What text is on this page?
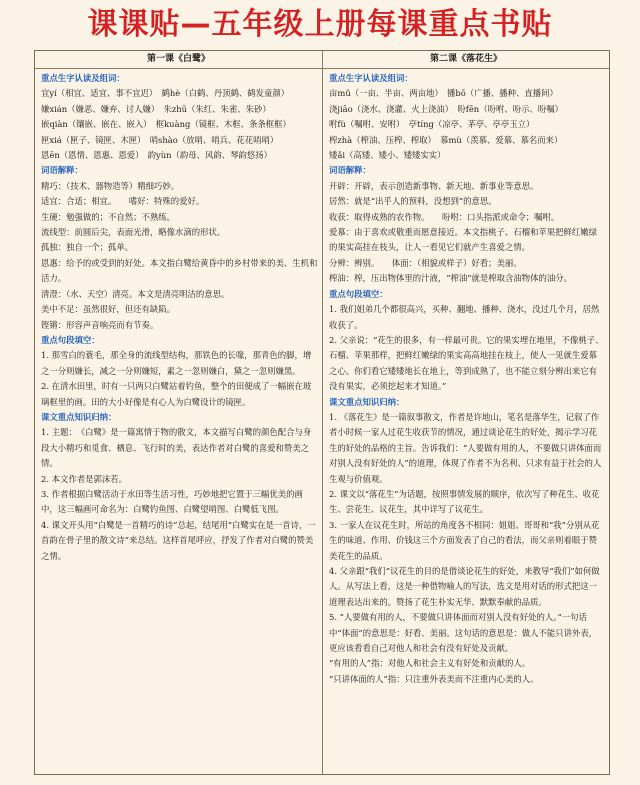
课课贴—五年级上册每课重点书贴
第一课《白鹭》	第二课《落花生》

重点生字认读及组词：

宜yí（相宜、适宜、事不宜迟）　鹤hè（白鹤、丹顶鹤、鹤发童颜）

嫌xián（嫌恶、嫌弃、讨人嫌）　朱zhū（朱红、朱雀、朱砂）

嵌qiàn（镶嵌、嵌在、嵌入）　框kuàng（镜框、木框、条条框框）

匣xiá（匣子、镜匣、木匣）　哨shào（放哨、哨兵、花花哨哨）

恩ēn（恩情、恩惠、恩爱）　韵yùn（韵母、风韵、琴韵悠扬）

词语解释：

精巧：（技术、器物造等）精细巧妙。

适宜：合适；相宜。　　嗜好：特殊的爱好。

生硬：勉强做的；不自然；不熟练。

流线型：前圆后尖，表面光滑，略像水滴的形状。

孤独：独自一个；孤单。

恩惠：给予的或受到的好处。本文指白鹭给黄昏中的乡村带来的美、生机和活力。

清澄：（水、天空）清亮。本文是清亮明洁的意思。

美中不足：虽然很好，但还有缺陷。

铿锵：形容声音响亮而有节奏。

重点句段填空：

1. 那雪白的蓑毛，那全身的流线型结构，那铁色的长喙，那青色的脚，增之一分则嫌长，减之一分则嫌短，素之一忽则嫌白，黛之一忽则嫌黑。

2. 在清水田里，时有一只两只白鹭站着钓鱼，整个的田便成了一幅嵌在玻璃框里的画。田的大小好像是有心人为白鹭设计的镜匣。

课文重点知识归纳：

1. 主题：　《白鹭》是一篇寓情于物的散文，本文描写白鹭的颜色配合与身段大小精巧和觅食、栖息、飞行时的美，表达作者对白鹭的喜爱和赞美之情。

2. 本文作者是郭沫若。

3. 作者根据白鹭活动于水田等生活习性，巧妙地把它置于三幅优美的画中，这三幅画可命名为：白鹭钓鱼图、白鹭望哨图、白鹭低飞图。

4. 课文开头用“白鹭是一首精巧的诗”总起，结尾用“白鹭实在是一首诗，一首韵在骨子里的散文诗”来总结。这样首尾呼应，抒发了作者对白鹭的赞美之情。

重点生字认读及组词：

亩mǔ（一亩、半亩、两亩地）　播bō（广播、播种、直播间）

浇jiāo（浇水、浇灌、火上浇油）　吩fēn（吩咐、吩示、吩嘱）

咐fù（嘱咐、安咐）　亭tíng（凉亭、茅亭、亭亭玉立）

榨zhà（榨油、压榨、榨取）　慕mù（羡慕、爱慕、慕名而来）

矮ǎi（高矮、矮小、矮矮实实）

词语解释：

开辟：开辟，表示创造新事物、新天地、新事业等意思。

居然：就是“出乎人的预料，没想到”的意思。

收获：取得成熟的农作物。　　吩咐：口头指派或命令；嘱咐。

爱慕：由于喜欢或敬重而愿意接近。本文指桃子、石榴和苹果把鲜红嫩绿的果实高挂在枝头，让人一看见它们就产生喜爱之情。

分辨：辨别。　　体面：（相貌或样子）好看；美丽。

榨油：榨，压出物体里的汁液，“榨油”就是榨取含油物体的油分。

重点句段填空：

1. 我们姐弟几个都很高兴，买种、翻地、播种、浇水，没过几个月，居然收获了。

2. 父亲说：“花生的很多，有一样最可贵。它的果实埋在地里，不像桃子、石榴、苹果那样，把鲜红嫩绿的果实高高地挂在枝上，使人一见就生爱慕之心。你们看它矮矮地长在地上，等到成熟了，也不能立刻分辨出来它有没有果实，必须挖起来才知道。”

课文重点知识归纳：

1. 《落花生》是一篇叙事散文，作者是许地山，笔名是落华生，记叙了作者小时候一家人过花生收获节的情况，通过谈论花生的好处，揭示学习花生的好处的品格的主旨。告诉我们：“人要做有用的人，不要做只讲体面而对别人没有好处的人”的道理，体现了作者不为名利、只求有益于社会的人生观与价值观。

2. 课文以“落花生”为话题，按照事情发展的顺序，依次写了种花生、收花生、尝花生、议花生，其中详写了议花生。

3. 一家人在议花生时，所站的角度各不相同：姐姐、哥哥和“我”分别从花生的味道、作用、价钱这三个方面发表了自己的看法，而父亲则着眼于赞美花生的品质。

4. 父亲跟“我们”议花生的目的是借谈论花生的好处，来教导“我们”如何做人。从写法上看，这是一种借物喻人的写法，选文是用对话的形式把这一道理表达出来的。赞扬了花生朴实无华、默默奉献的品质。

5. “人要做有用的人，不要做只讲体面而对别人没有好处的人。”一句话中“体面”的意思是：好看、美丽。这句话的意思是：做人不能只讲外表，更应该看看自己对他人和社会有没有好处及贡献。

“有用的人”指：对他人和社会主义有好处和贡献的人。

“只讲体面的人”指：只注重外表美而不注重内心美的人。
